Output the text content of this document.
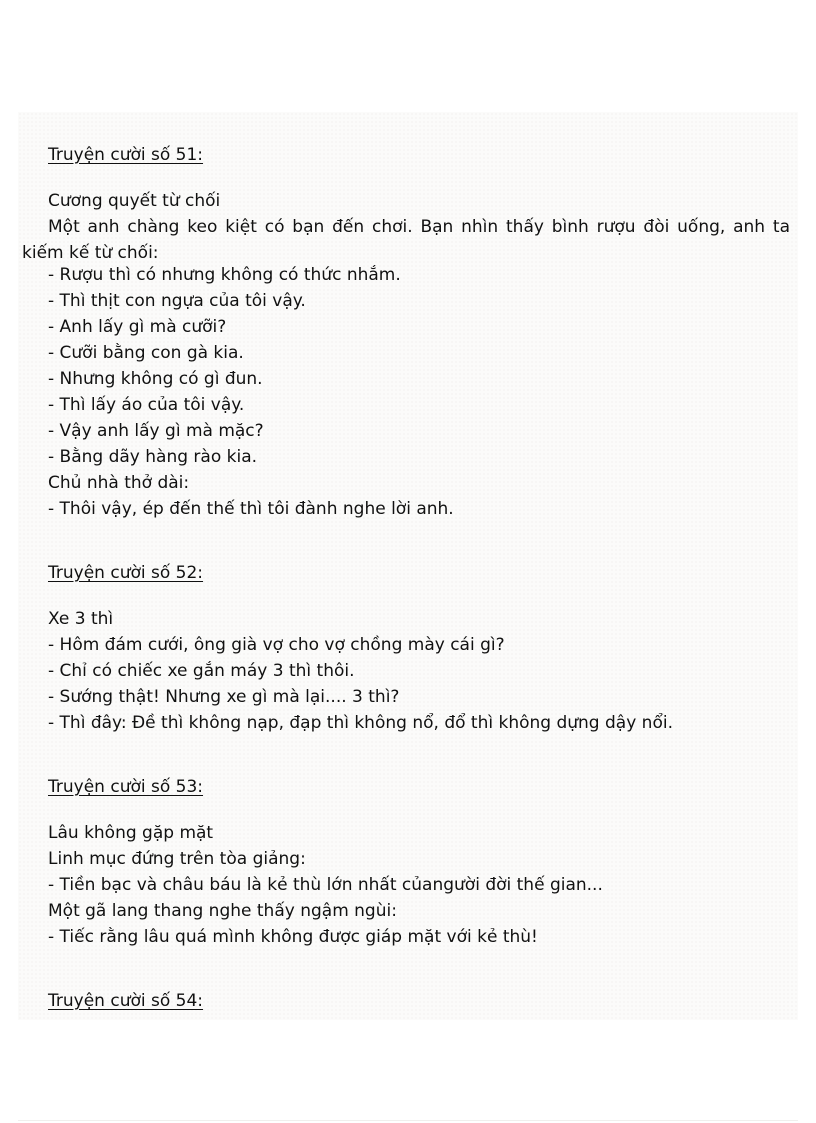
Truyện cười số 51:
Cương quyết từ chối
Một anh chàng keo kiệt có bạn đến chơi. Bạn nhìn thấy bình rượu đòi uống, anh ta kiếm kế từ chối:
- Rượu thì có nhưng không có thức nhắm.
- Thì thịt con ngựa của tôi vậy.
- Anh lấy gì mà cưỡi?
- Cưỡi bằng con gà kia.
- Nhưng không có gì đun.
- Thì lấy áo của tôi vậy.
- Vậy anh lấy gì mà mặc?
- Bằng dãy hàng rào kia.
Chủ nhà thở dài:
- Thôi vậy, ép đến thế thì tôi đành nghe lời anh.
Truyện cười số 52:
Xe 3 thì
- Hôm đám cưới, ông già vợ cho vợ chồng mày cái gì?
- Chỉ có chiếc xe gắn máy 3 thì thôi.
- Sướng thật! Nhưng xe gì mà lại.... 3 thì?
- Thì đây: Đề thì không nạp, đạp thì không nổ, đổ thì không dựng dậy nổi.
Truyện cười số 53:
Lâu không gặp mặt
Linh mục đứng trên tòa giảng:
- Tiền bạc và châu báu là kẻ thù lớn nhất củangười đời thế gian...
Một gã lang thang nghe thấy ngậm ngùi:
- Tiếc rằng lâu quá mình không được giáp mặt với kẻ thù!
Truyện cười số 54:
